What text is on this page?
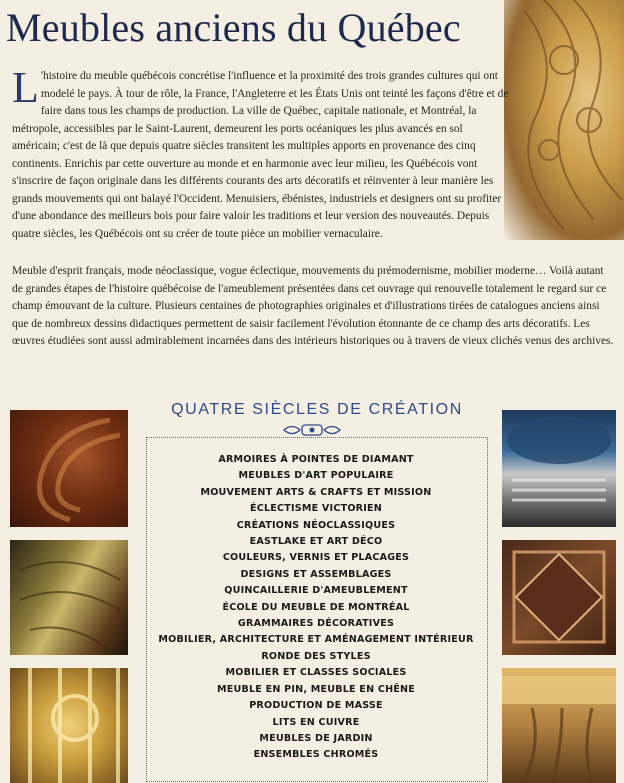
Meubles anciens du Québec
L 'histoire du meuble québécois concrétise l'influence et la proximité des trois grandes cultures qui ont modelé le pays. À tour de rôle, la France, l'Angleterre et les États Unis ont teinté les façons d'être et de faire dans tous les champs de production. La ville de Québec, capitale nationale, et Montréal, la métropole, accessibles par le Saint-Laurent, demeurent les ports océaniques les plus avancés en sol américain; c'est de là que depuis quatre siècles transitent les multiples apports en provenance des cinq continents. Enrichis par cette ouverture au monde et en harmonie avec leur milieu, les Québécois vont s'inscrire de façon originale dans les différents courants des arts décoratifs et réinventer à leur manière les grands mouvements qui ont balayé l'Occident. Menuisiers, ébénistes, industriels et designers ont su profiter d'une abondance des meilleurs bois pour faire valoir les traditions et leur version des nouveautés. Depuis quatre siècles, les Québécois ont su créer de toute pièce un mobilier vernaculaire.
Meuble d'esprit français, mode néoclassique, vogue éclectique, mouvements du prémodernisme, mobilier moderne… Voilà autant de grandes étapes de l'histoire québécoise de l'ameublement présentées dans cet ouvrage qui renouvelle totalement le regard sur ce champ émouvant de la culture. Plusieurs centaines de photographies originales et d'illustrations tirées de catalogues anciens ainsi que de nombreux dessins didactiques permettent de saisir facilement l'évolution étonnante de ce champ des arts décoratifs. Les œuvres étudiées sont aussi admirablement incarnées dans des intérieurs historiques ou à travers de vieux clichés venus des archives.
QUATRE SIÈCLES DE CRÉATION
ARMOIRES À POINTES DE DIAMANT
MEUBLES D'ART POPULAIRE
MOUVEMENT ARTS & CRAFTS ET MISSION
ÉCLECTISME VICTORIEN
CRÉATIONS NÉOCLASSIQUES
EASTLAKE ET ART DÉCO
COULEURS, VERNIS ET PLACAGES
DESIGNS ET ASSEMBLAGES
QUINCAILLERIE D'AMEUBLEMENT
ÉCOLE DU MEUBLE DE MONTRÉAL
GRAMMAIRES DÉCORATIVES
MOBILIER, ARCHITECTURE ET AMÉNAGEMENT INTÉRIEUR
RONDE DES STYLES
MOBILIER ET CLASSES SOCIALES
MEUBLE EN PIN, MEUBLE EN CHÊNE
PRODUCTION DE MASSE
LITS EN CUIVRE
MEUBLES DE JARDIN
ENSEMBLES CHROMÉS
